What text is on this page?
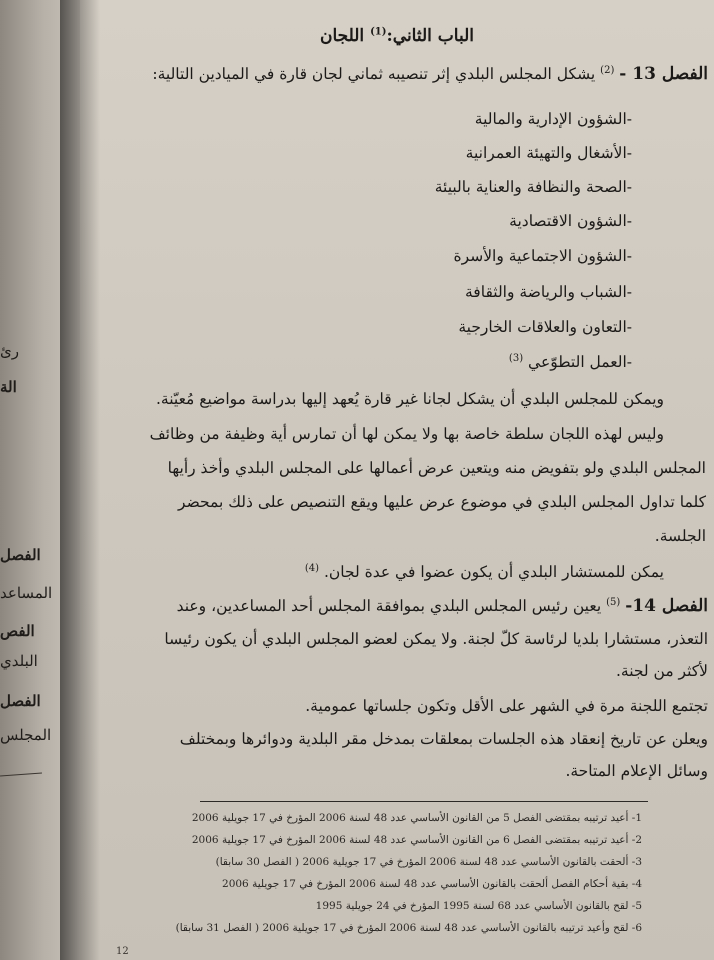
رئ
الة
الفصل
المساعد
الفص
البلدي
الفصل
المجلس
الباب الثاني:$^{(1)}$ اللجان
الفصل 13 - $^{(2)}$ يشكل المجلس البلدي إثر تنصيبه ثماني لجان قارة في الميادين التالية:
-الشؤون الإدارية والمالية
-الأشغال والتهيئة العمرانية
-الصحة والنظافة والعناية بالبيئة
-الشؤون الاقتصادية
-الشؤون الاجتماعية والأسرة
-الشباب والرياضة والثقافة
-التعاون والعلاقات الخارجية
-العمل التطوّعي $^{(3)}$
ويمكن للمجلس البلدي أن يشكل لجانا غير قارة يُعهد إليها بدراسة مواضيع مُعيّنة.
وليس لهذه اللجان سلطة خاصة بها ولا يمكن لها أن تمارس أية وظيفة من وظائف
المجلس البلدي ولو بتفويض منه ويتعين عرض أعمالها على المجلس البلدي وأخذ رأيها
كلما تداول المجلس البلدي في موضوع عرض عليها ويقع التنصيص على ذلك بمحضر
الجلسة.
يمكن للمستشار البلدي أن يكون عضوا في عدة لجان. $^{(4)}$
الفصل 14- $^{(5)}$ يعين رئيس المجلس البلدي بموافقة المجلس أحد المساعدين، وعند
التعذر، مستشارا بلديا لرئاسة كلّ لجنة. ولا يمكن لعضو المجلس البلدي أن يكون رئيسا
لأكثر من لجنة.
تجتمع اللجنة مرة في الشهر على الأقل وتكون جلساتها عمومية.
ويعلن عن تاريخ إنعقاد هذه الجلسات بمعلقات بمدخل مقر البلدية ودوائرها وبمختلف
وسائل الإعلام المتاحة.
1- أعيد ترتيبه بمقتضى الفصل 5 من القانون الأساسي عدد 48 لسنة 2006 المؤرخ في 17 جويلية 2006
2- أعيد ترتيبه بمقتضى الفصل 6 من القانون الأساسي عدد 48 لسنة 2006 المؤرخ في 17 جويلية 2006
3- ألحقت بالقانون الأساسي عدد 48 لسنة 2006 المؤرخ في 17 جويلية 2006 ( الفصل 30 سابقا)
4- بقية أحكام الفصل ألحقت بالقانون الأساسي عدد 48 لسنة 2006 المؤرخ في 17 جويلية 2006
5- لقح بالقانون الأساسي عدد 68 لسنة 1995 المؤرخ في 24 جويلية 1995
6- لقح وأعيد ترتيبه بالقانون الأساسي عدد 48 لسنة 2006 المؤرخ في 17 جويلية 2006 ( الفصل 31 سابقا)
12
